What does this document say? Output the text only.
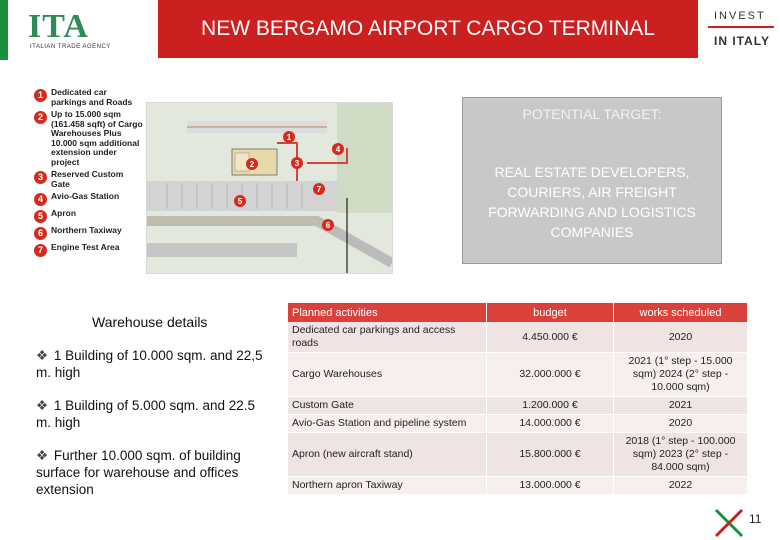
ITA
ITALIAN TRADE AGENCY
NEW BERGAMO AIRPORT CARGO TERMINAL
INVEST
IN ITALY
1 Dedicated car parkings and Roads
2 Up to 15.000 sqm (161.458 sqft) of Cargo Warehouses Plus 10.000 sqm additional extension under project
3 Reserved Custom Gate
4 Avio-Gas Station
5 Apron
6 Northern Taxiway
7 Engine Test Area
1
2	3
4
5
6
7
POTENTIAL TARGET:
REAL ESTATE DEVELOPERS, COURIERS, AIR FREIGHT FORWARDING AND LOGISTICS COMPANIES
Warehouse details
❖ 1 Building of 10.000 sqm. and 22,5 m. high
❖ 1 Building of 5.000 sqm. and 22.5 m. high
❖ Further 10.000 sqm. of building surface for warehouse and offices extension
Planned activities	budget	works scheduled
Dedicated car parkings and access roads	4.450.000 €	2020
Cargo Warehouses	32.000.000 €	2021 (1° step - 15.000 sqm) 2024 (2° step - 10.000 sqm)
Custom Gate	1.200.000 €	2021
Avio-Gas Station and pipeline system	14.000.000 €	2020
Apron (new aircraft stand)	15.800.000 €	2018 (1° step - 100.000 sqm) 2023 (2° step - 84.000 sqm)
Northern apron Taxiway	13.000.000 €	2022
11
